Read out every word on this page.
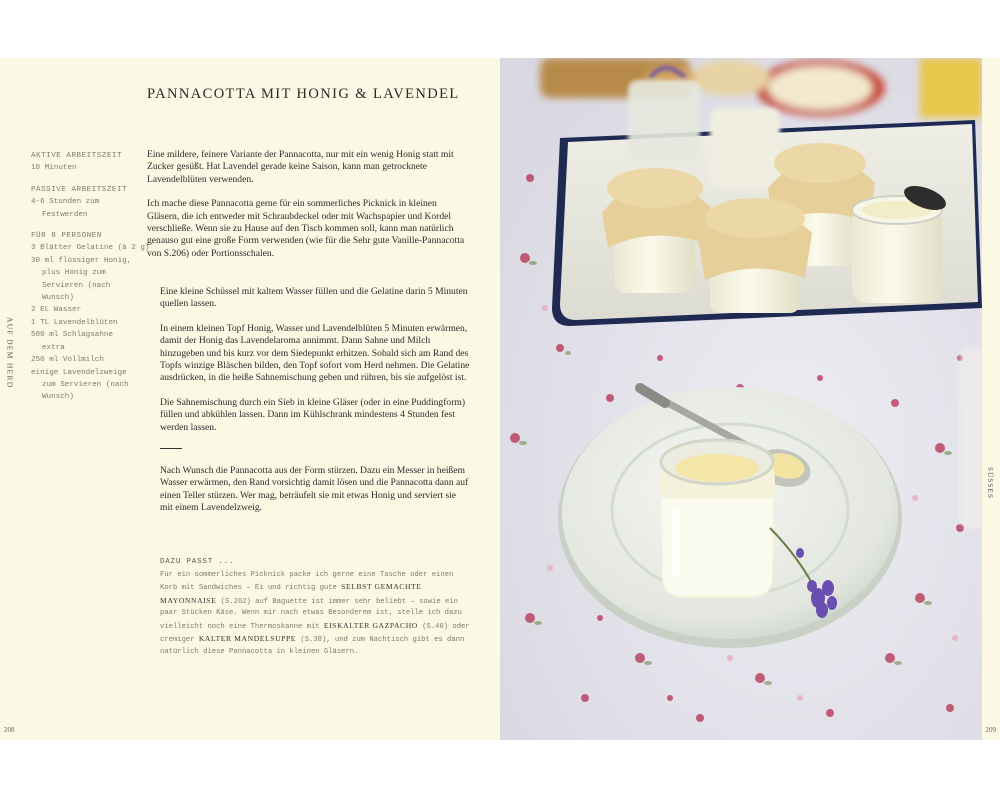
PANNACOTTA MIT HONIG & LAVENDEL
AUF DEM HERD
AKTIVE ARBEITSZEIT
10 Minuten
PASSIVE ARBEITSZEIT
4-6 Stunden zum
Festwerden
FÜR 8 PERSONEN
3 Blätter Gelatine (à 2 g)
30 ml flüssiger Honig,
plus Honig zum
Servieren (nach
Wunsch)
2 EL Wasser
1 TL Lavendelblüten
500 ml Schlagsahne
extra
250 ml Vollmilch
einige Lavendelzweige
zum Servieren (nach
Wunsch)

Eine mildere, feinere Variante der Pannacotta, nur mit ein wenig Honig statt mit Zucker gesüßt. Hat Lavendel gerade keine Saison, kann man getrocknete Lavendelblüten verwenden.

Ich mache diese Pannacotta gerne für ein sommerliches Picknick in kleinen Gläsern, die ich entweder mit Schraubdeckel oder mit Wachspapier und Kordel verschließe. Wenn sie zu Hause auf den Tisch kommen soll, kann man natürlich genauso gut eine große Form verwenden (wie für die Sehr gute Vanille-Pannacotta von S.206) oder Portionsschalen.

Eine kleine Schüssel mit kaltem Wasser füllen und die Gelatine darin 5 Minuten quellen lassen.

In einem kleinen Topf Honig, Wasser und Lavendelblüten 5 Minuten erwärmen, damit der Honig das Lavendelaroma annimmt. Dann Sahne und Milch hinzugeben und bis kurz vor dem Siedepunkt erhitzen. Sobald sich am Rand des Topfs winzige Bläschen bilden, den Topf sofort vom Herd nehmen. Die Gelatine ausdrücken, in die heiße Sahnemischung geben und rühren, bis sie aufgelöst ist.

Die Sahnemischung durch ein Sieb in kleine Gläser (oder in eine Puddingform) füllen und abkühlen lassen. Dann im Kühlschrank mindestens 4 Stunden fest werden lassen.

Nach Wunsch die Pannacotta aus der Form stürzen. Dazu ein Messer in heißem Wasser erwärmen, den Rand vorsichtig damit lösen und die Pannacotta dann auf einen Teller stürzen. Wer mag, beträufelt sie mit etwas Honig und serviert sie mit einem Lavendelzweig.

DAZU PASST ...
Für ein sommerliches Picknick packe ich gerne eine Tasche oder einen Korb mit Sandwiches – Ei und richtig gute SELBST GEMACHTE MAYONNAISE (S.262) auf Baguette ist immer sehr beliebt – sowie ein paar Stücken Käse. Wenn mir nach etwas Besonderem ist, stelle ich dazu vielleicht noch eine Thermoskanne mit EISKALTER GAZPACHO (S.40) oder cremiger KALTER MANDELSUPPE (S.38), und zum Nachtisch gibt es dann natürlich diese Pannacotta in kleinen Gläsern.
208
SÜSSES
209
